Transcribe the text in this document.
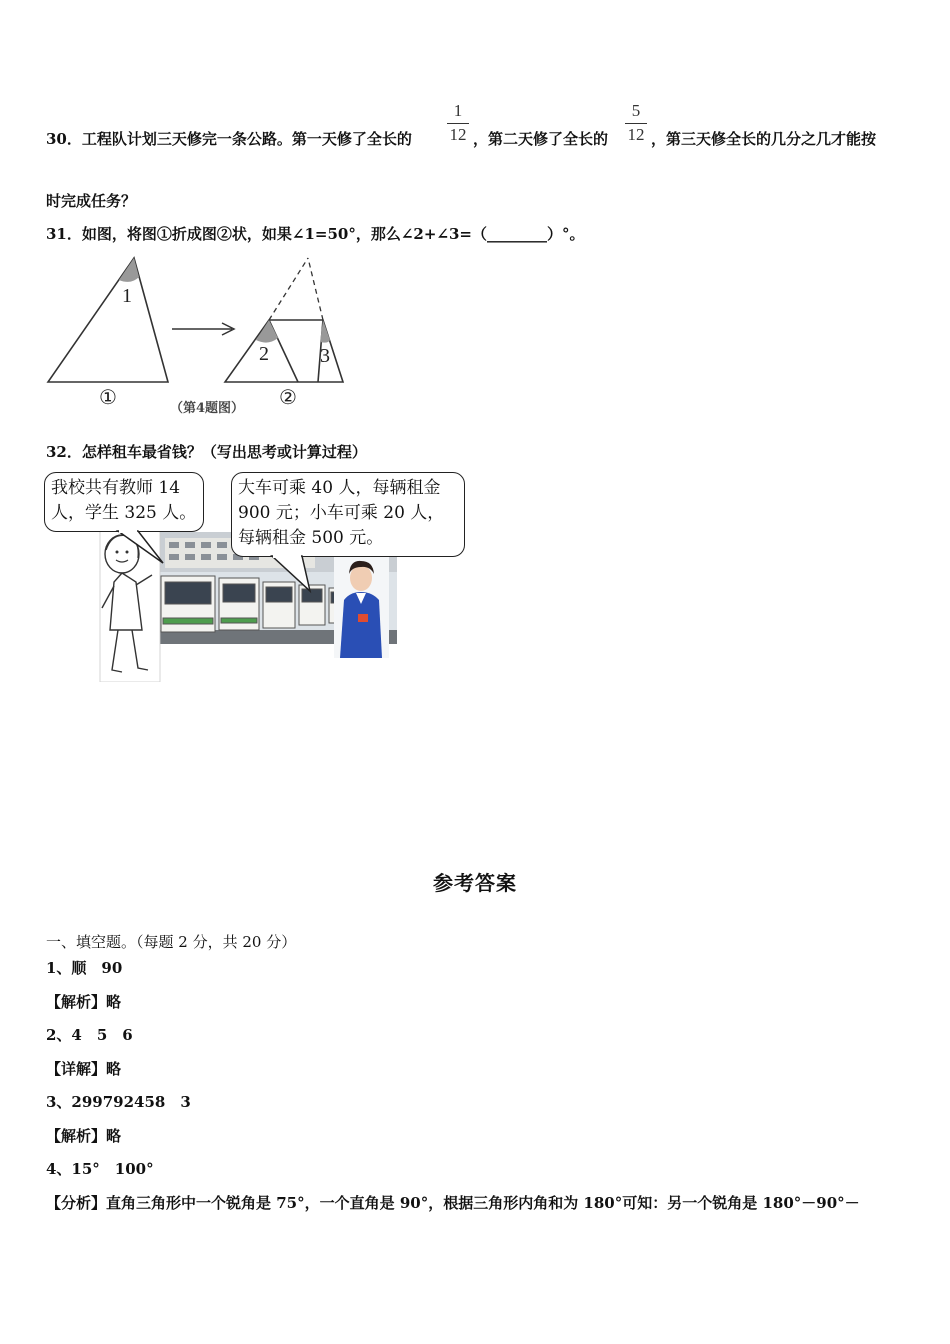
30．工程队计划三天修完一条公路。第一天修了全长的
1
12 ，第二天修了全长的
5
12 ，第三天修全长的几分之几才能按
时完成任务？
31．如图，将图①折成图②状，如果∠1=50°，那么∠2+∠3=（________）°。
1
2	3
①	（第4题图） ②
32．怎样租车最省钱？（写出思考或计算过程）
我校共有教师 14
人，学生 325 人。
大车可乘 40 人，每辆租金
900 元；小车可乘 20 人，
每辆租金 500 元。
参考答案
一、填空题。（每题 2 分，共 20 分）
1、顺　90
【解析】略
2、4　5　6
【详解】略
3、299792458　3
【解析】略
4、15°　100°
【分析】直角三角形中一个锐角是 75°，一个直角是 90°，根据三角形内角和为 180°可知：另一个锐角是 180°－90°－
